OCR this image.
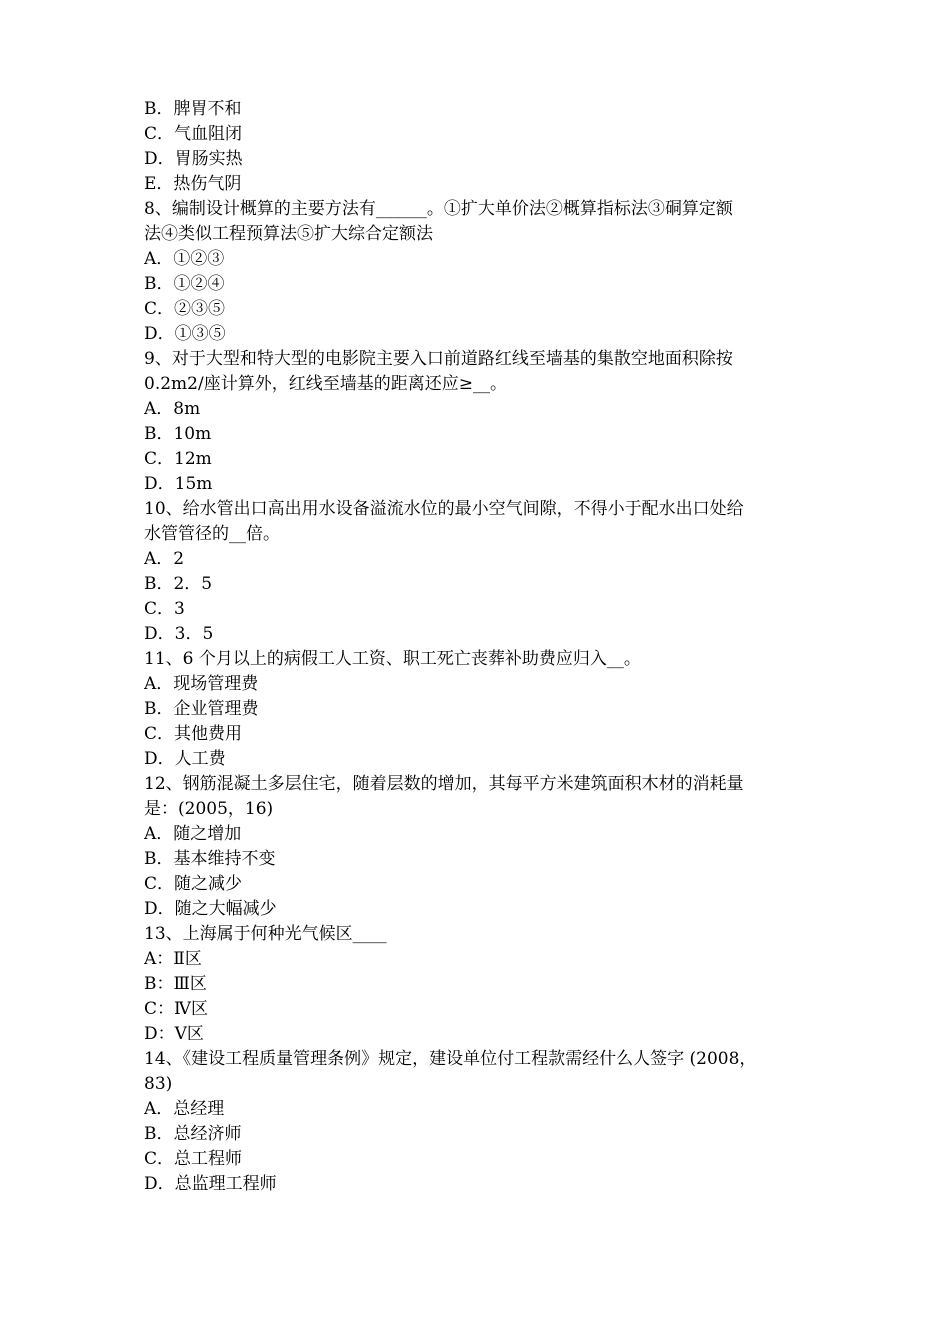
B．脾胃不和
C．气血阻闭
D．胃肠实热
E．热伤气阴
8、编制设计概算的主要方法有______。①扩大单价法②概算指标法③硐算定额
法④类似工程预算法⑤扩大综合定额法
A．①②③
B．①②④
C．②③⑤
D．①③⑤
9、对于大型和特大型的电影院主要入口前道路红线至墙基的集散空地面积除按
0.2m2/座计算外，红线至墙基的距离还应≥__。
A．8m
B．10m
C．12m
D．15m
10、给水管出口高出用水设备溢流水位的最小空气间隙，不得小于配水出口处给
水管管径的__倍。
A．2
B．2．5
C．3
D．3．5
11、6 个月以上的病假工人工资、职工死亡丧葬补助费应归入__。
A．现场管理费
B．企业管理费
C．其他费用
D．人工费
12、钢筋混凝土多层住宅，随着层数的增加，其每平方米建筑面积木材的消耗量
是：(2005，16)
A．随之增加
B．基本维持不变
C．随之减少
D．随之大幅减少
13、上海属于何种光气候区____
A：Ⅱ区
B：Ⅲ区
C：Ⅳ区
D：Ⅴ区
14、《建设工程质量管理条例》规定，建设单位付工程款需经什么人签字 (2008，
83)
A．总经理
B．总经济师
C．总工程师
D．总监理工程师
